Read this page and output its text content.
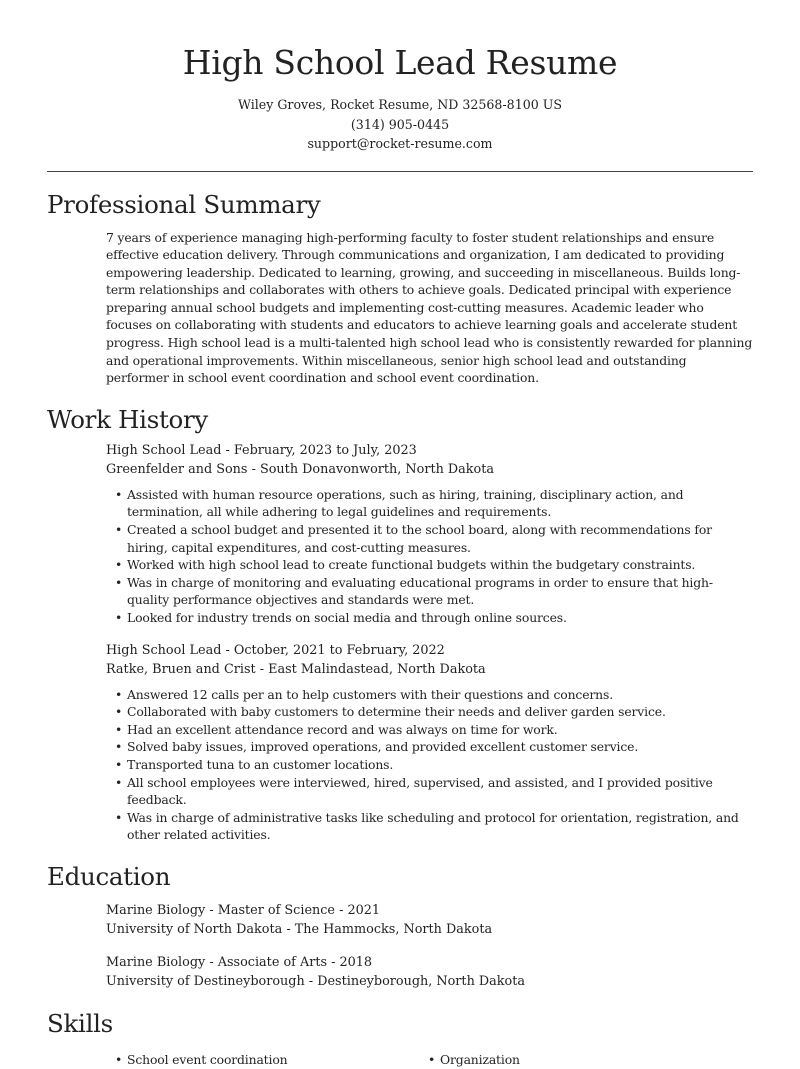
High School Lead Resume
Wiley Groves, Rocket Resume, ND 32568-8100 US
(314) 905-0445
support@rocket-resume.com
Professional Summary

7 years of experience managing high-performing faculty to foster student relationships and ensure effective education delivery. Through communications and organization, I am dedicated to providing empowering leadership. Dedicated to learning, growing, and succeeding in miscellaneous. Builds long-term relationships and collaborates with others to achieve goals. Dedicated principal with experience preparing annual school budgets and implementing cost-cutting measures. Academic leader who focuses on collaborating with students and educators to achieve learning goals and accelerate student progress. High school lead is a multi-talented high school lead who is consistently rewarded for planning and operational improvements. Within miscellaneous, senior high school lead and outstanding performer in school event coordination and school event coordination.

Work History
High School Lead - February, 2023 to July, 2023
Greenfelder and Sons - South Donavonworth, North Dakota
• Assisted with human resource operations, such as hiring, training, disciplinary action, and termination, all while adhering to legal guidelines and requirements.
• Created a school budget and presented it to the school board, along with recommendations for hiring, capital expenditures, and cost-cutting measures.
• Worked with high school lead to create functional budgets within the budgetary constraints.
• Was in charge of monitoring and evaluating educational programs in order to ensure that high-quality performance objectives and standards were met.
• Looked for industry trends on social media and through online sources.
High School Lead - October, 2021 to February, 2022
Ratke, Bruen and Crist - East Malindastead, North Dakota
• Answered 12 calls per an to help customers with their questions and concerns.
• Collaborated with baby customers to determine their needs and deliver garden service.
• Had an excellent attendance record and was always on time for work.
• Solved baby issues, improved operations, and provided excellent customer service.
• Transported tuna to an customer locations.
• All school employees were interviewed, hired, supervised, and assisted, and I provided positive feedback.
• Was in charge of administrative tasks like scheduling and protocol for orientation, registration, and other related activities.
Education
Marine Biology - Master of Science - 2021
University of North Dakota - The Hammocks, North Dakota
Marine Biology - Associate of Arts - 2018
University of Destineyborough - Destineyborough, North Dakota
Skills
• School event coordination	• Organization
